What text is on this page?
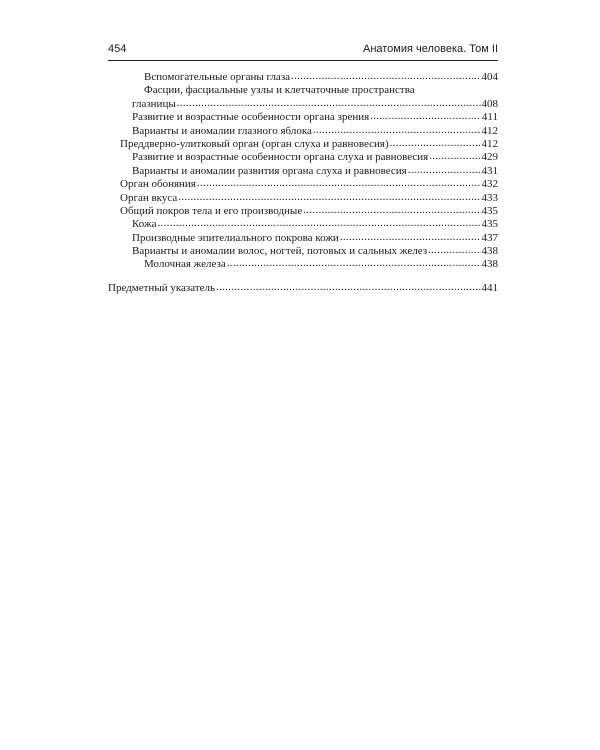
454	Анатомия человека. Том II
Вспомогательные органы глаза .....	404
Фасции, фасциальные узлы и клетчаточные пространства
глазницы .....	408
Развитие и возрастные особенности органа зрения .....	411
Варианты и аномалии глазного яблока .....	412
Преддверно-улитковый орган (орган слуха и равновесия) .....	412
Развитие и возрастные особенности органа слуха и равновесия .....	429
Варианты и аномалии развития органа слуха и равновесия .....	431
Орган обоняния .....	432
Орган вкуса .....	433
Общий покров тела и его производные .....	435
Кожа .....	435
Производные эпителиального покрова кожи .....	437
Варианты и аномалии волос, ногтей, потовых и сальных желез .....	438
Молочная железа .....	438
Предметный указатель .....	441
